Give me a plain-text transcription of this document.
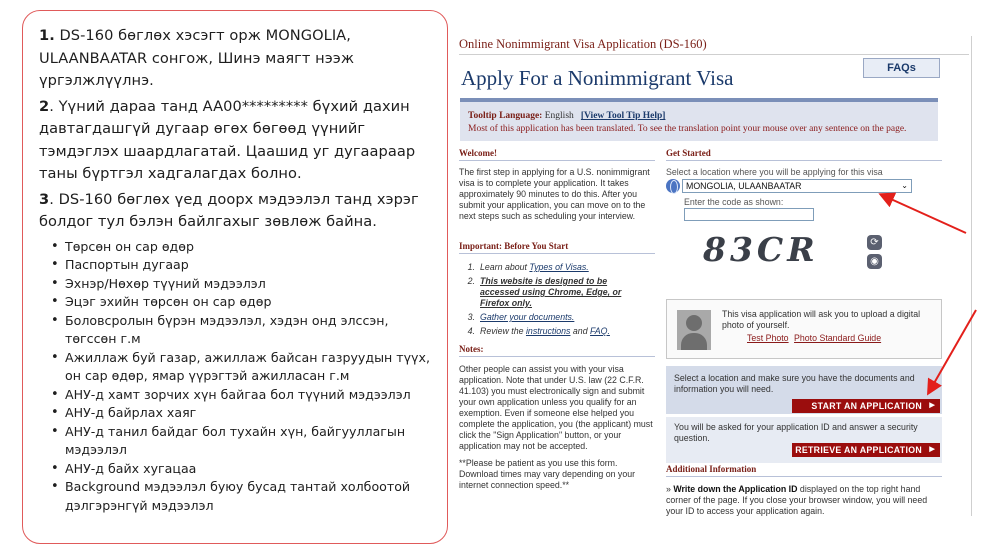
1. DS-160 бөглөх хэсэгт орж MONGOLIA, ULAANBAATAR сонгож, Шинэ маягт нээж үргэлжлүүлнэ.

2. Үүний дараа танд AA00********* бүхий дахин давтагдашгүй дугаар өгөх бөгөөд үүнийг тэмдэглэх шаардлагатай. Цаашид уг дугаараар таны бүртгэл хадгалагдах болно.

3. DS-160 бөглөх үед доорх мэдээлэл танд хэрэг болдог тул бэлэн байлгахыг зөвлөж байна.

• Төрсөн он сар өдөр
• Паспортын дугаар
• Эхнэр/Нөхөр түүний мэдээлэл
• Эцэг эхийн төрсөн он сар өдөр
• Боловсролын бүрэн мэдээлэл, хэдэн онд элссэн, төгссөн г.м
• Ажиллаж буй газар, ажиллаж байсан газруудын түүх, он сар өдөр, ямар үүрэгтэй ажилласан г.м
• АНУ-д хамт зорчих хүн байгаа бол түүний мэдээлэл
• АНУ-д байрлах хаяг
• АНУ-д танил байдаг бол тухайн хүн, байгууллагын мэдээлэл
• АНУ-д байх хугацаа
• Background мэдээлэл буюу бусад тантай холбоотой дэлгэрэнгүй мэдээлэл
Online Nonimmigrant Visa Application (DS-160)
Apply For a Nonimmigrant Visa	FAQs
Tooltip Language: English [View Tool Tip Help]
Most of this application has been translated. To see the translation point your mouse over any sentence on the page.
Welcome!
The first step in applying for a U.S. nonimmigrant visa is to complete your application. It takes approximately 90 minutes to do this. After you submit your application, you can move on to the next steps such as scheduling your interview.
Important: Before You Start
1. Learn about Types of Visas.
2. This website is designed to be accessed using Chrome, Edge, or Firefox only.
3. Gather your documents.
4. Review the instructions and FAQ.
Notes:
Other people can assist you with your visa application. Note that under U.S. law (22 C.F.R. 41.103) you must electronically sign and submit your own application unless you qualify for an exemption. Even if someone else helped you complete the application, you (the applicant) must click the "Sign Application" button, or your application may not be accepted.
**Please be patient as you use this form. Download times may vary depending on your internet connection speed.**
Get Started
Select a location where you will be applying for this visa
MONGOLIA, ULAANBAATAR	⌄
Enter the code as shown:
83CR	⟳
◉
This visa application will ask you to upload a digital photo of yourself.
Test Photo Photo Standard Guide
Select a location and make sure you have the documents and information you will need.
START AN APPLICATION ▶
You will be asked for your application ID and answer a security question.
RETRIEVE AN APPLICATION ▶
Additional Information
» Write down the Application ID displayed on the top right hand corner of the page. If you close your browser window, you will need your ID to access your application again.
